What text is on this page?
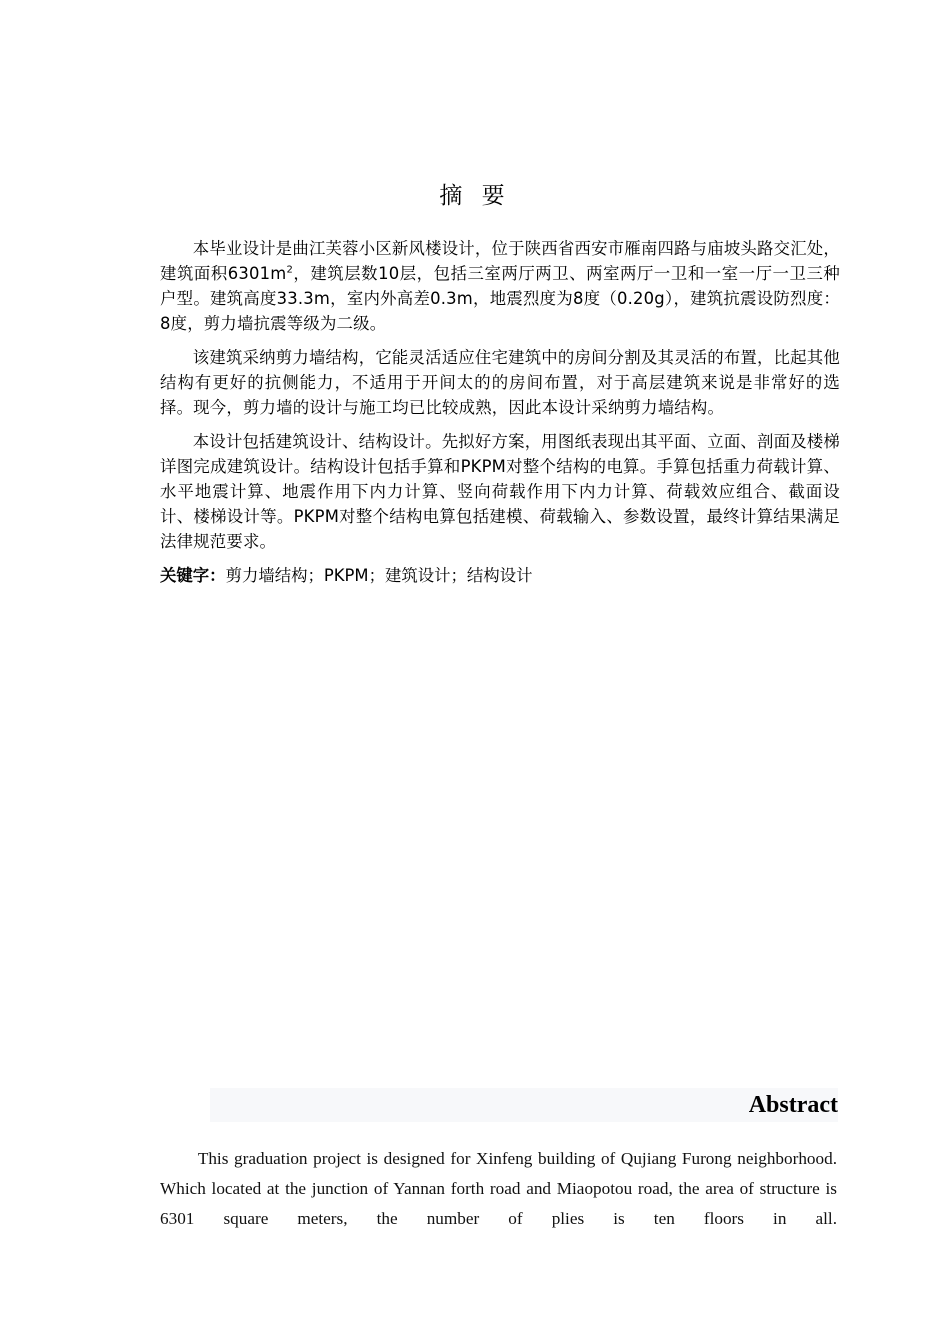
摘 要

本毕业设计是曲江芙蓉小区新风楼设计，位于陕西省西安市雁南四路与庙坡头路交汇处，建筑面积$6301m^2$，建筑层数10层，包括三室两厅两卫、两室两厅一卫和一室一厅一卫三种户型。建筑高度33.3m，室内外高差0.3m，地震烈度为8度（0.20g），建筑抗震设防烈度：8度，剪力墙抗震等级为二级。

该建筑采纳剪力墙结构，它能灵活适应住宅建筑中的房间分割及其灵活的布置，比起其他结构有更好的抗侧能力，不适用于开间太的的房间布置，对于高层建筑来说是非常好的选择。现今，剪力墙的设计与施工均已比较成熟，因此本设计采纳剪力墙结构。

本设计包括建筑设计、结构设计。先拟好方案，用图纸表现出其平面、立面、剖面及楼梯详图完成建筑设计。结构设计包括手算和PKPM对整个结构的电算。手算包括重力荷载计算、水平地震计算、地震作用下内力计算、竖向荷载作用下内力计算、荷载效应组合、截面设计、楼梯设计等。PKPM对整个结构电算包括建模、荷载输入、参数设置，最终计算结果满足法律规范要求。

关键字：剪力墙结构；PKPM；建筑设计；结构设计

Abstract

This graduation project is designed for Xinfeng building of Qujiang Furong neighborhood. Which located at the junction of Yannan forth road and Miaopotou road, the area of structure is 6301 square meters, the number of plies is ten floors in all.
